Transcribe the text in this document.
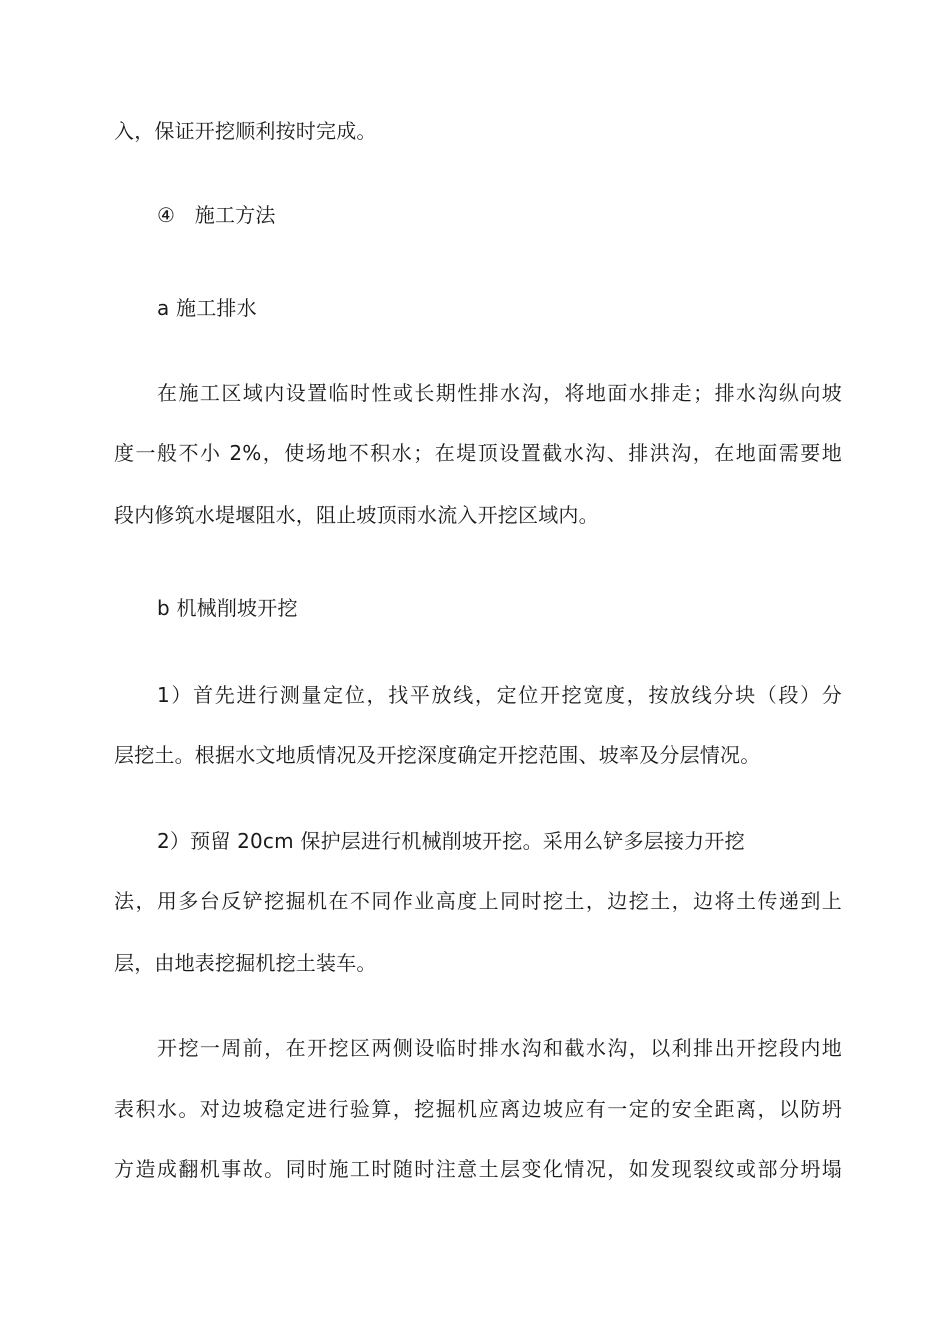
入，保证开挖顺利按时完成。
④   施工方法
a 施工排水
在施工区域内设置临时性或长期性排水沟，将地面水排走；排水沟纵向坡
度一般不小 2%，使场地不积水；在堤顶设置截水沟、排洪沟，在地面需要地
段内修筑水堤堰阻水，阻止坡顶雨水流入开挖区域内。
b 机械削坡开挖
1）首先进行测量定位，找平放线，定位开挖宽度，按放线分块（段）分
层挖土。根据水文地质情况及开挖深度确定开挖范围、坡率及分层情况。
2）预留 20cm 保护层进行机械削坡开挖。采用么铲多层接力开挖
法，用多台反铲挖掘机在不同作业高度上同时挖土，边挖土，边将土传递到上
层，由地表挖掘机挖土装车。
开挖一周前，在开挖区两侧设临时排水沟和截水沟，以利排出开挖段内地
表积水。对边坡稳定进行验算，挖掘机应离边坡应有一定的安全距离，以防坍
方造成翻机事故。同时施工时随时注意土层变化情况，如发现裂纹或部分坍塌
